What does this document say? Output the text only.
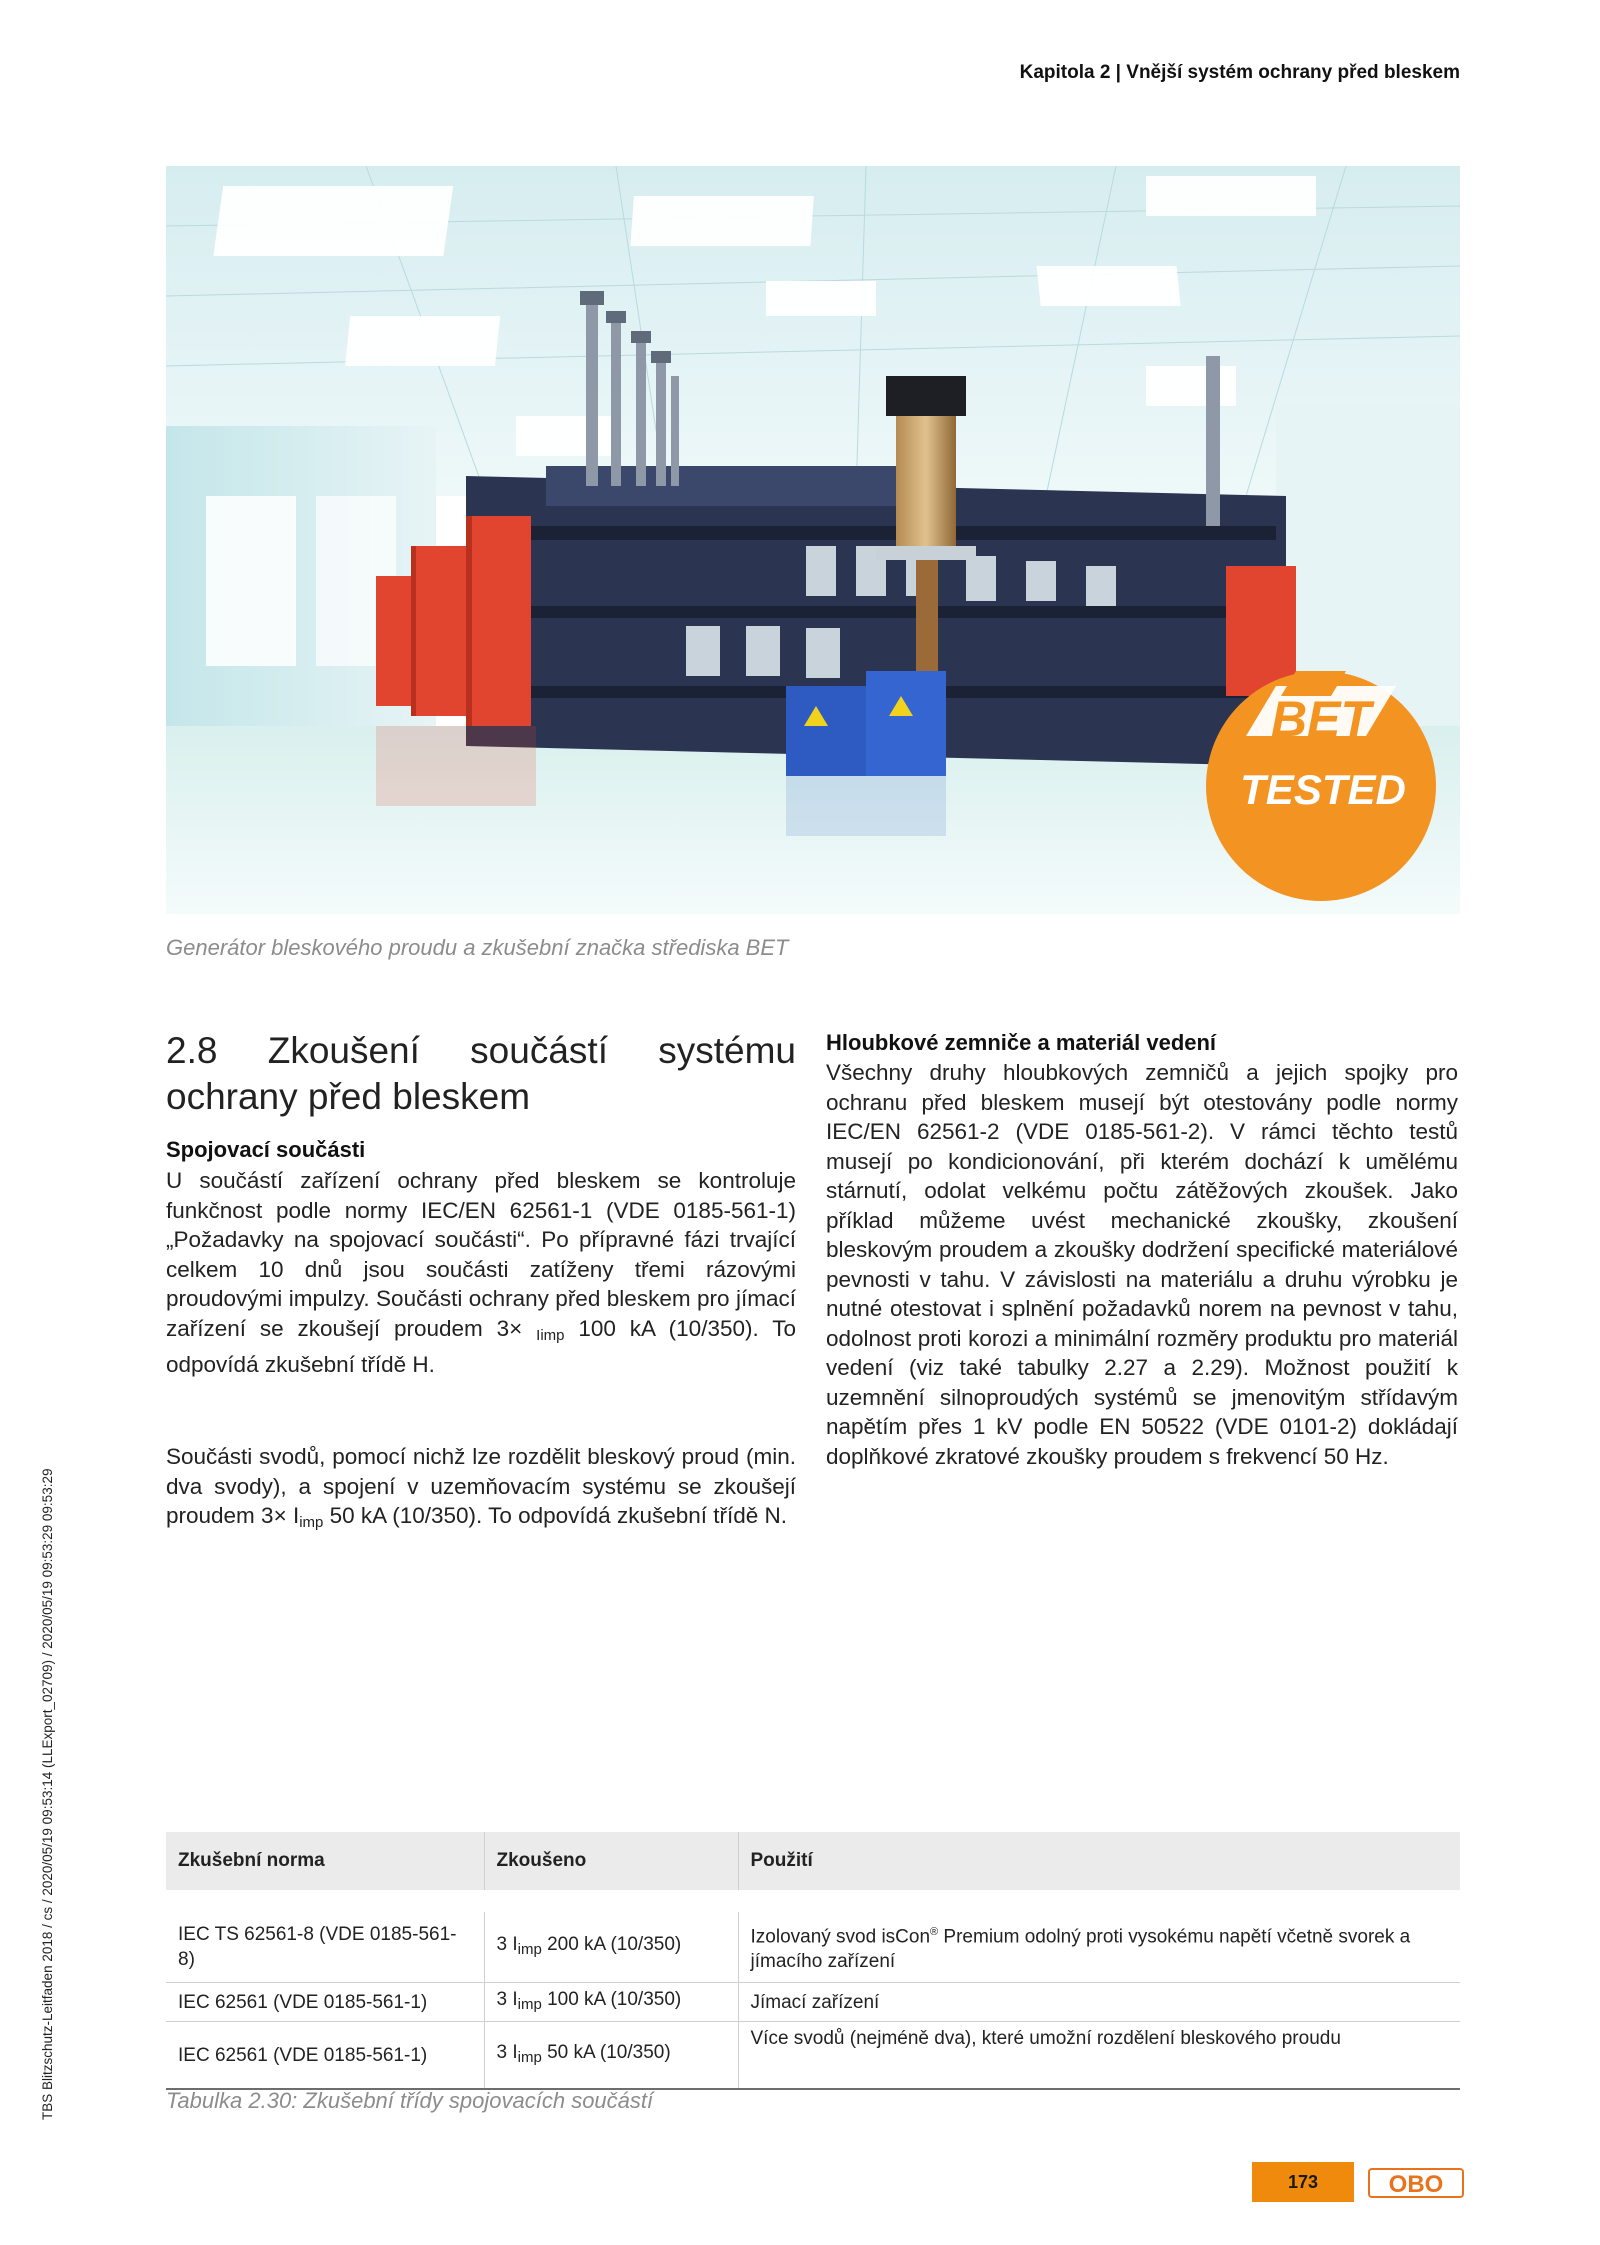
Kapitola 2 | Vnější systém ochrany před bleskem
BET
TESTED
Generátor bleskového proudu a zkušební značka střediska BET
2.8 Zkoušení součástí systému ochrany před bleskem
Spojovací součásti

U součástí zařízení ochrany před bleskem se kontroluje funkčnost podle normy IEC/EN 62561-1 (VDE 0185-561-1) „Požadavky na spojovací součásti“. Po přípravné fázi trvající celkem 10 dnů jsou součásti zatíženy třemi rázovými proudovými impulzy. Součásti ochrany před bleskem pro jímací zařízení se zkoušejí proudem 3× $_{Iimp}$ 100 kA (10/350). To odpovídá zkušební třídě H.

Součásti svodů, pomocí nichž lze rozdělit bleskový proud (min. dva svody), a spojení v uzemňovacím systému se zkoušejí proudem $3\times I_{imp}$ 50 kA (10/350). To odpovídá zkušební třídě N.

Hloubkové zemniče a materiál vedení

Všechny druhy hloubkových zemničů a jejich spojky pro ochranu před bleskem musejí být otestovány podle normy IEC/EN 62561-2 (VDE 0185-561-2). V rámci těchto testů musejí po kondicionování, při kterém dochází k umělému stárnutí, odolat velkému počtu zátěžových zkoušek. Jako příklad můžeme uvést mechanické zkoušky, zkoušení bleskovým proudem a zkoušky dodržení specifické materiálové pevnosti v tahu. V závislosti na materiálu a druhu výrobku je nutné otestovat i splnění požadavků norem na pevnost v tahu, odolnost proti korozi a minimální rozměry produktu pro materiál vedení (viz také tabulky 2.27 a 2.29). Možnost použití k uzemnění silnoproudých systémů se jmenovitým střídavým napětím přes 1 kV podle EN 50522 (VDE 0101-2) dokládají doplňkové zkratové zkoušky proudem s frekvencí 50 Hz.

TBS Blitzschutz-Leitfaden 2018 / cs / 2020/05/19 09:53:14 (LLExport_02709) / 2020/05/19 09:53:29 09:53:29	Zkušební norma	Zkoušeno	Použití

IEC TS 62561-8 (VDE 0185-561-8)	3 $I_{imp}$ 200 kA (10/350)	Izolovaný svod isCon® Premium odolný proti vysokému napětí včetně svorek a jímacího zařízení
IEC 62561 (VDE 0185-561-1)	3 $I_{imp}$ 100 kA (10/350)	Jímací zařízení
IEC 62561 (VDE 0185-561-1)	3 $I_{imp}$ 50 kA (10/350)	Více svodů (nejméně dva), které umožní rozdělení bleskového proudu
Tabulka 2.30: Zkušební třídy spojovacích součástí
173	OBO
